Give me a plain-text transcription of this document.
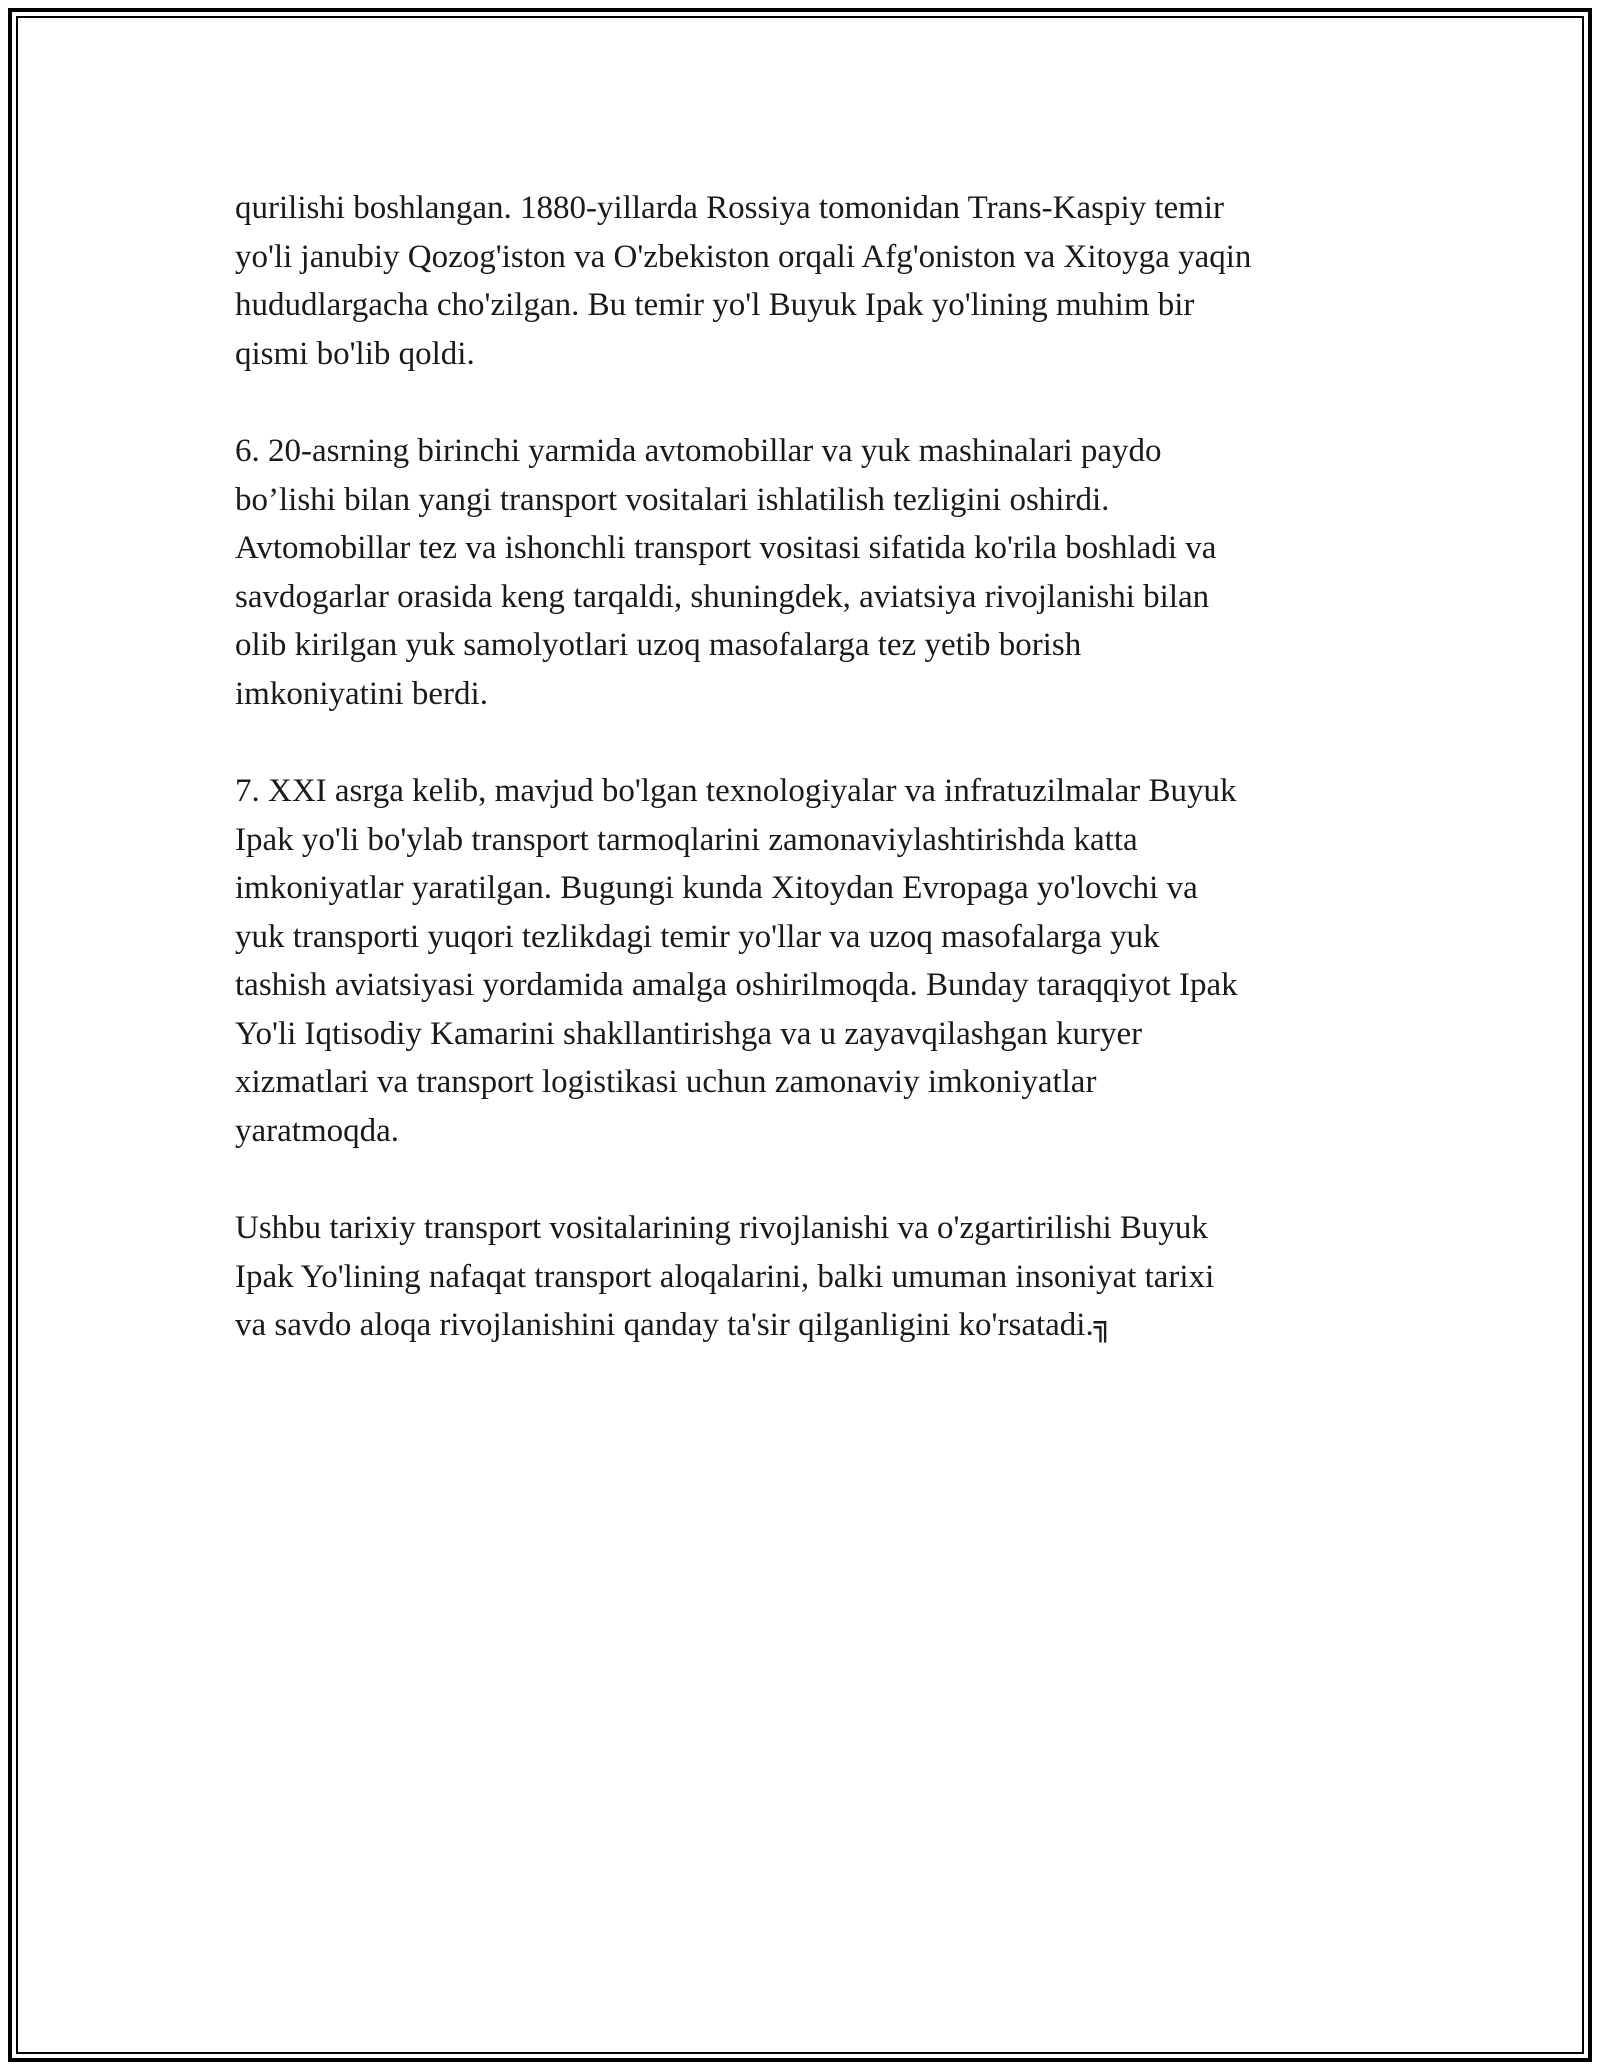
qurilishi boshlangan. 1880-yillarda Rossiya tomonidan Trans-Kaspiy temir
yo'li janubiy Qozog'iston va O'zbekiston orqali Afg'oniston va Xitoyga yaqin
hududlargacha cho'zilgan. Bu temir yo'l Buyuk Ipak yo'lining muhim bir
qismi bo'lib qoldi.
6. 20-asrning birinchi yarmida avtomobillar va yuk mashinalari paydo
bo’lishi bilan yangi transport vositalari ishlatilish tezligini oshirdi.
Avtomobillar tez va ishonchli transport vositasi sifatida ko'rila boshladi va
savdogarlar orasida keng tarqaldi, shuningdek, aviatsiya rivojlanishi bilan
olib kirilgan yuk samolyotlari uzoq masofalarga tez yetib borish
imkoniyatini berdi.
7. XXI asrga kelib, mavjud bo'lgan texnologiyalar va infratuzilmalar Buyuk
Ipak yo'li bo'ylab transport tarmoqlarini zamonaviylashtirishda katta
imkoniyatlar yaratilgan. Bugungi kunda Xitoydan Evropaga yo'lovchi va
yuk transporti yuqori tezlikdagi temir yo'llar va uzoq masofalarga yuk
tashish aviatsiyasi yordamida amalga oshirilmoqda. Bunday taraqqiyot Ipak
Yo'li Iqtisodiy Kamarini shakllantirishga va u zayavqilashgan kuryer
xizmatlari va transport logistikasi uchun zamonaviy imkoniyatlar
yaratmoqda.
Ushbu tarixiy transport vositalarining rivojlanishi va o'zgartirilishi Buyuk
Ipak Yo'lining nafaqat transport aloqalarini, balki umuman insoniyat tarixi
va savdo aloqa rivojlanishini qanday ta'sir qilganligini ko'rsatadi.╗
